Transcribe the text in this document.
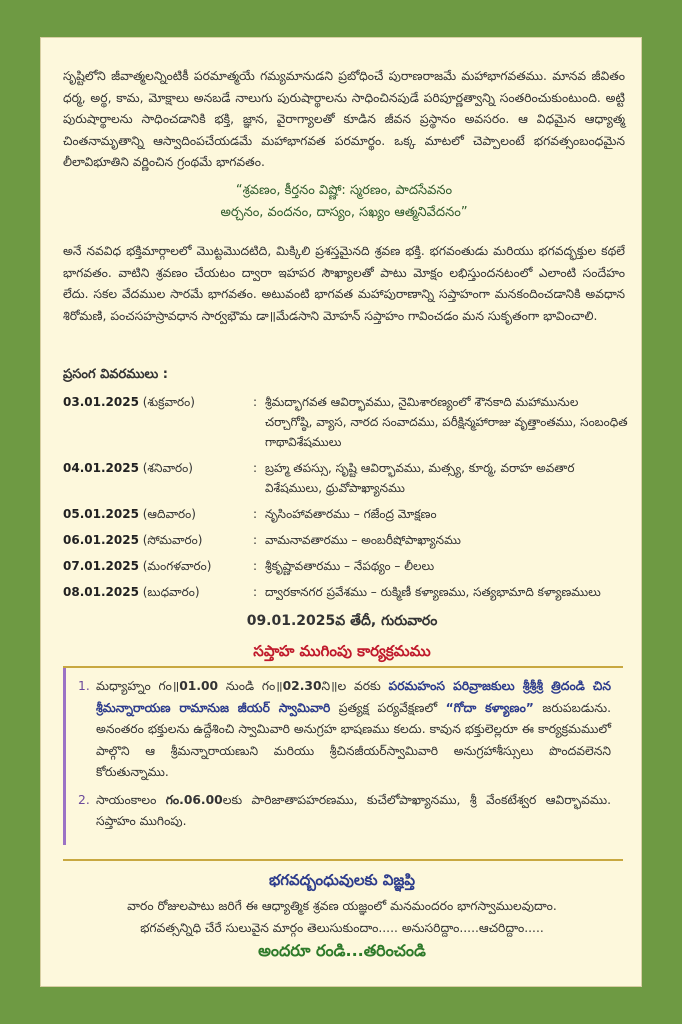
సృష్టిలోని జీవాత్మలన్నింటికీ పరమాత్మయే గమ్యమానుడని ప్రబోధించే పురాణరాజమే మహాభాగవతము. మానవ జీవితం ధర్మ, అర్థ, కామ, మోక్షాలు అనబడే నాలుగు పురుషార్థాలను సాధించినపుడే పరిపూర్ణత్వాన్ని సంతరించుకుంటుంది. అట్టి పురుషార్థాలను సాధించడానికి భక్తి, జ్ఞాన, వైరాగ్యాలతో కూడిన జీవన ప్రస్థానం అవసరం. ఆ విధమైన ఆధ్యాత్మ చింతనామృతాన్ని ఆస్వాదింపచేయడమే మహాభాగవత పరమార్థం. ఒక్క మాటలో చెప్పాలంటే భగవత్సంబంధమైన లీలావిభూతిని వర్ణించిన గ్రంథమే భాగవతం.

“శ్రవణం, కీర్తనం విష్ణో: స్మరణం, పాదసేవనం
అర్చనం, వందనం, దాస్యం, సఖ్యం ఆత్మనివేదనం”

అనే నవవిధ భక్తిమార్గాలలో మొట్టమొదటిది, మిక్కిలి ప్రశస్తమైనది శ్రవణ భక్తి. భగవంతుడు మరియు భగవద్భక్తుల కథలే భాగవతం. వాటిని శ్రవణం చేయటం ద్వారా ఇహపర సౌఖ్యాలతో పాటు మోక్షం లభిస్తుందనటంలో ఎలాంటి సందేహం లేదు. సకల వేదముల సారమే భాగవతం. అటువంటి భాగవత మహాపురాణాన్ని సప్తాహంగా మనకందించడానికి అవధాన శిరోమణి, పంచసహస్రావధాన సార్వభౌమ డా॥మేడసాని మోహన్ సప్తాహం గావించడం మన సుకృతంగా భావించాలి.

ప్రసంగ వివరములు :
03.01.2025 (శుక్రవారం)	:	శ్రీమద్భాగవత ఆవిర్భావము, నైమిశారణ్యంలో శౌనకాది మహామునుల చర్చాగోష్ఠి, వ్యాస, నారద సంవాదము, పరీక్షిన్మహారాజు వృత్తాంతము, సంబంధిత గాథావిశేషములు
04.01.2025 (శనివారం)	:	బ్రహ్మ తపస్సు, సృష్టి ఆవిర్భావము, మత్స్య, కూర్మ, వరాహ అవతార విశేషములు, ధ్రువోపాఖ్యానము
05.01.2025 (ఆదివారం)	:	నృసింహావతారము – గజేంద్ర మోక్షణం
06.01.2025 (సోమవారం)	:	వామనావతారము – అంబరీషోపాఖ్యానము
07.01.2025 (మంగళవారం)	:	శ్రీకృష్ణావతారము – నేపథ్యం – లీలలు
08.01.2025 (బుధవారం)	:	ద్వారకానగర ప్రవేశము – రుక్మిణీ కళ్యాణము, సత్యభామాది కళ్యాణములు
09.01.2025వ తేదీ, గురువారం
సప్తాహ ముగింపు కార్యక్రమము
1. మధ్యాహ్నం గం॥01.00 నుండి గం॥02.30ని॥ల వరకు పరమహంస పరివ్రాజకులు శ్రీశ్రీశ్రీ త్రిదండి చిన శ్రీమన్నారాయణ రామానుజ జీయర్ స్వామివారి ప్రత్యక్ష పర్యవేక్షణలో “గోదా కళ్యాణం” జరుపబడును. అనంతరం భక్తులను ఉద్దేశించి స్వామివారి అనుగ్రహ భాషణము కలదు. కావున భక్తులెల్లరూ ఈ కార్యక్రమములో పాల్గొని ఆ శ్రీమన్నారాయణుని మరియు శ్రీచినజీయర్‌స్వామివారి అనుగ్రహాశీస్సులు పొందవలెనని కోరుతున్నాము.
2. సాయంకాలం గం.06.00లకు పారిజాతాపహరణము, కుచేలోపాఖ్యానము, శ్రీ వేంకటేశ్వర ఆవిర్భావము. సప్తాహం ముగింపు.
భగవద్బంధువులకు విజ్ఞప్తి
వారం రోజులపాటు జరిగే ఈ ఆధ్యాత్మిక శ్రవణ యజ్ఞంలో మనమందరం భాగస్వాములవుదాం.
భగవత్సన్నిధి చేరే సులువైన మార్గం తెలుసుకుందాం..... అనుసరిద్దాం.....ఆచరిద్దాం.....
అందరూ రండి...తరించండి
